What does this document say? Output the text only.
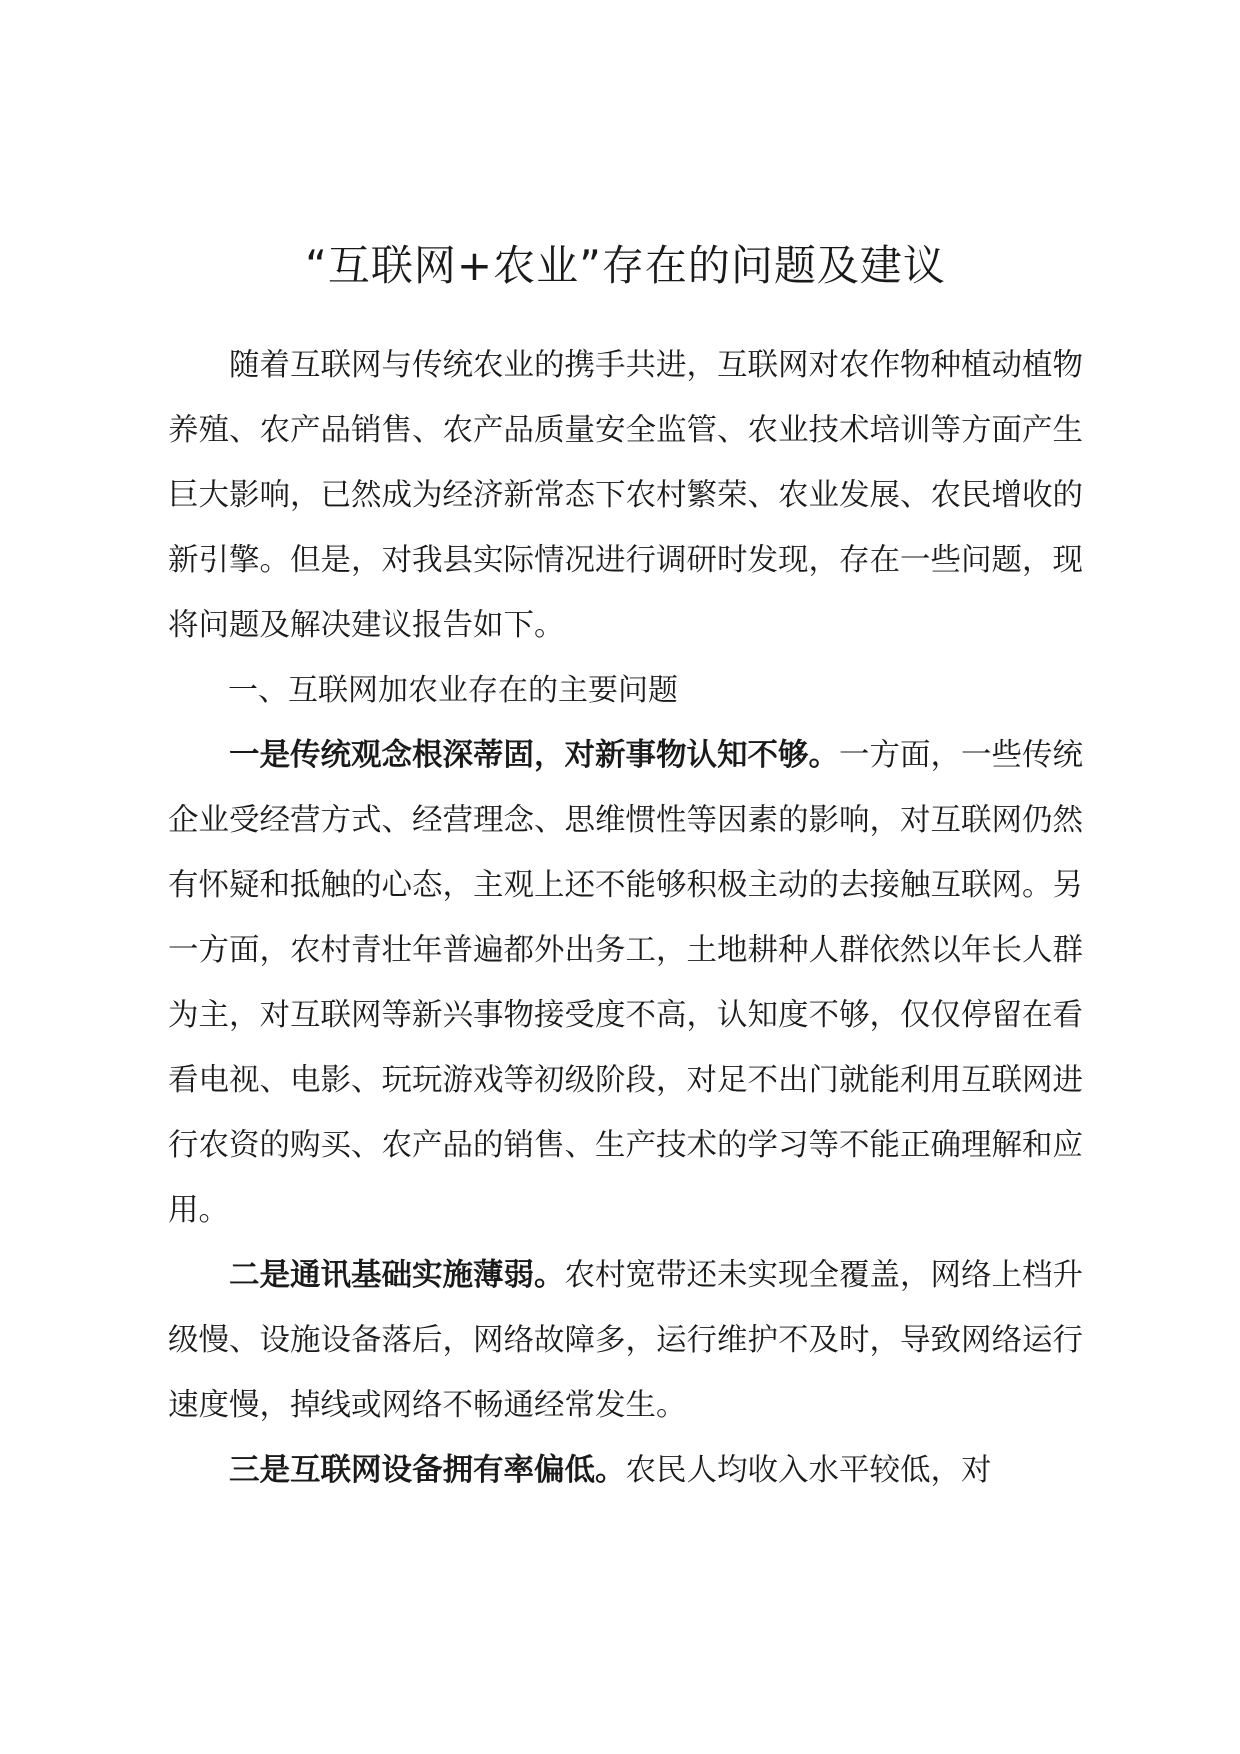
“互联网+农业”存在的问题及建议

随着互联网与传统农业的携手共进，互联网对农作物种植动植物养殖、农产品销售、农产品质量安全监管、农业技术培训等方面产生巨大影响，已然成为经济新常态下农村繁荣、农业发展、农民增收的新引擎。但是，对我县实际情况进行调研时发现，存在一些问题，现将问题及解决建议报告如下。

一、互联网加农业存在的主要问题

一是传统观念根深蒂固，对新事物认知不够。一方面，一些传统企业受经营方式、经营理念、思维惯性等因素的影响，对互联网仍然有怀疑和抵触的心态，主观上还不能够积极主动的去接触互联网。另一方面，农村青壮年普遍都外出务工，土地耕种人群依然以年长人群为主，对互联网等新兴事物接受度不高，认知度不够，仅仅停留在看看电视、电影、玩玩游戏等初级阶段，对足不出门就能利用互联网进行农资的购买、农产品的销售、生产技术的学习等不能正确理解和应用。

二是通讯基础实施薄弱。农村宽带还未实现全覆盖，网络上档升级慢、设施设备落后，网络故障多，运行维护不及时，导致网络运行速度慢，掉线或网络不畅通经常发生。

三是互联网设备拥有率偏低。农民人均收入水平较低，对
